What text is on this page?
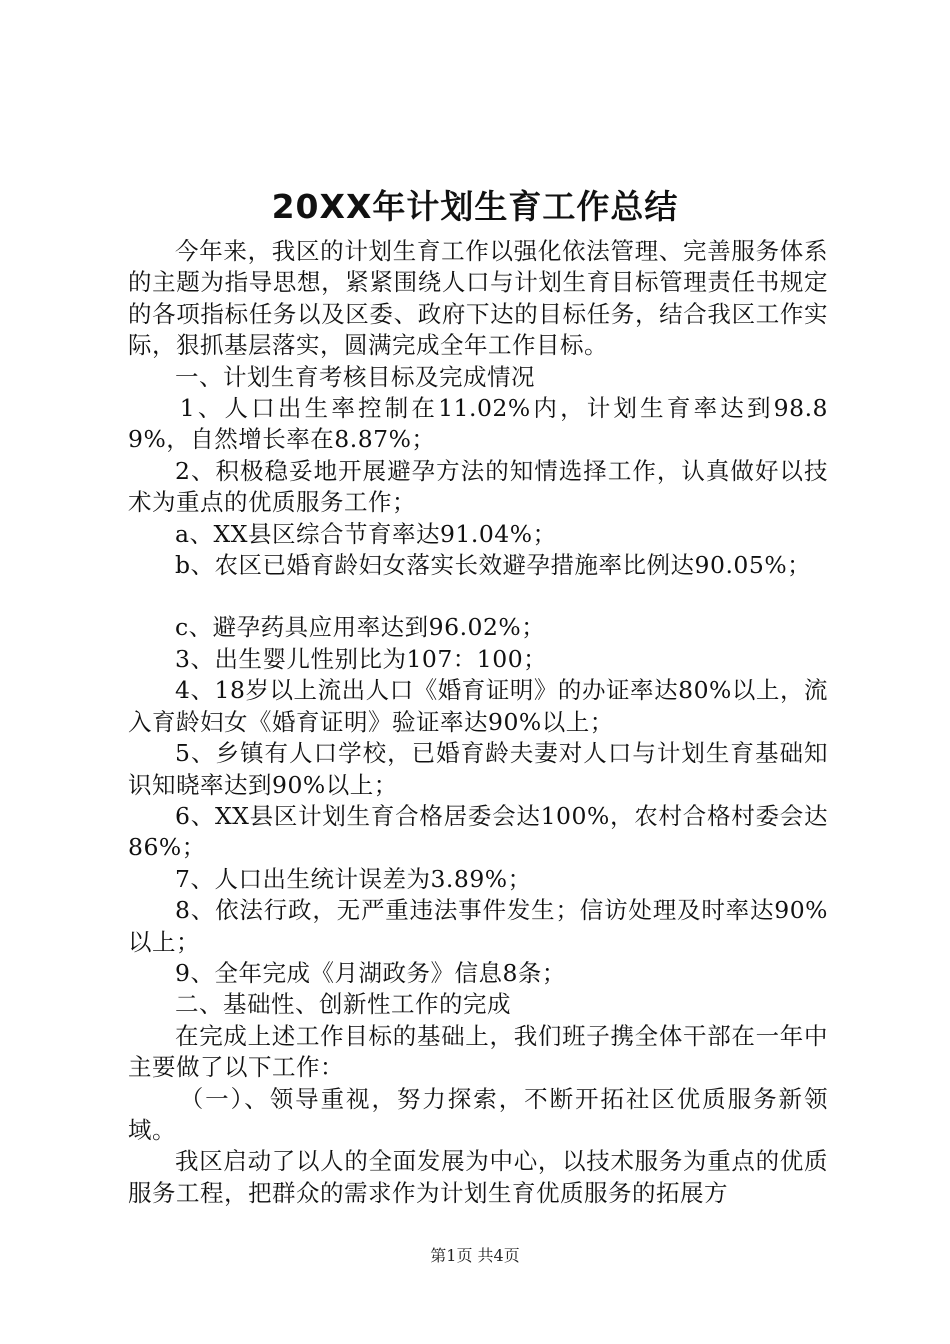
20XX年计划生育工作总结

今年来，我区的计划生育工作以强化依法管理、完善服务体系的主题为指导思想，紧紧围绕人口与计划生育目标管理责任书规定的各项指标任务以及区委、政府下达的目标任务，结合我区工作实际，狠抓基层落实，圆满完成全年工作目标。

一、计划生育考核目标及完成情况

1、人口出生率控制在11.02%内，计划生育率达到98.89%，自然增长率在8.87%；

2、积极稳妥地开展避孕方法的知情选择工作，认真做好以技术为重点的优质服务工作；

a、XX县区综合节育率达91.04%；

b、农区已婚育龄妇女落实长效避孕措施率比例达90.05%；

c、避孕药具应用率达到96.02%；

3、出生婴儿性别比为107：100；

4、18岁以上流出人口《婚育证明》的办证率达80%以上，流入育龄妇女《婚育证明》验证率达90%以上；

5、乡镇有人口学校，已婚育龄夫妻对人口与计划生育基础知识知晓率达到90%以上；

6、XX县区计划生育合格居委会达100%，农村合格村委会达86%；

7、人口出生统计误差为3.89%；

8、依法行政，无严重违法事件发生；信访处理及时率达90%以上；

9、全年完成《月湖政务》信息8条；

二、基础性、创新性工作的完成

在完成上述工作目标的基础上，我们班子携全体干部在一年中主要做了以下工作：

（一）、领导重视，努力探索，不断开拓社区优质服务新领域。

我区启动了以人的全面发展为中心，以技术服务为重点的优质服务工程，把群众的需求作为计划生育优质服务的拓展方

第1页 共4页
